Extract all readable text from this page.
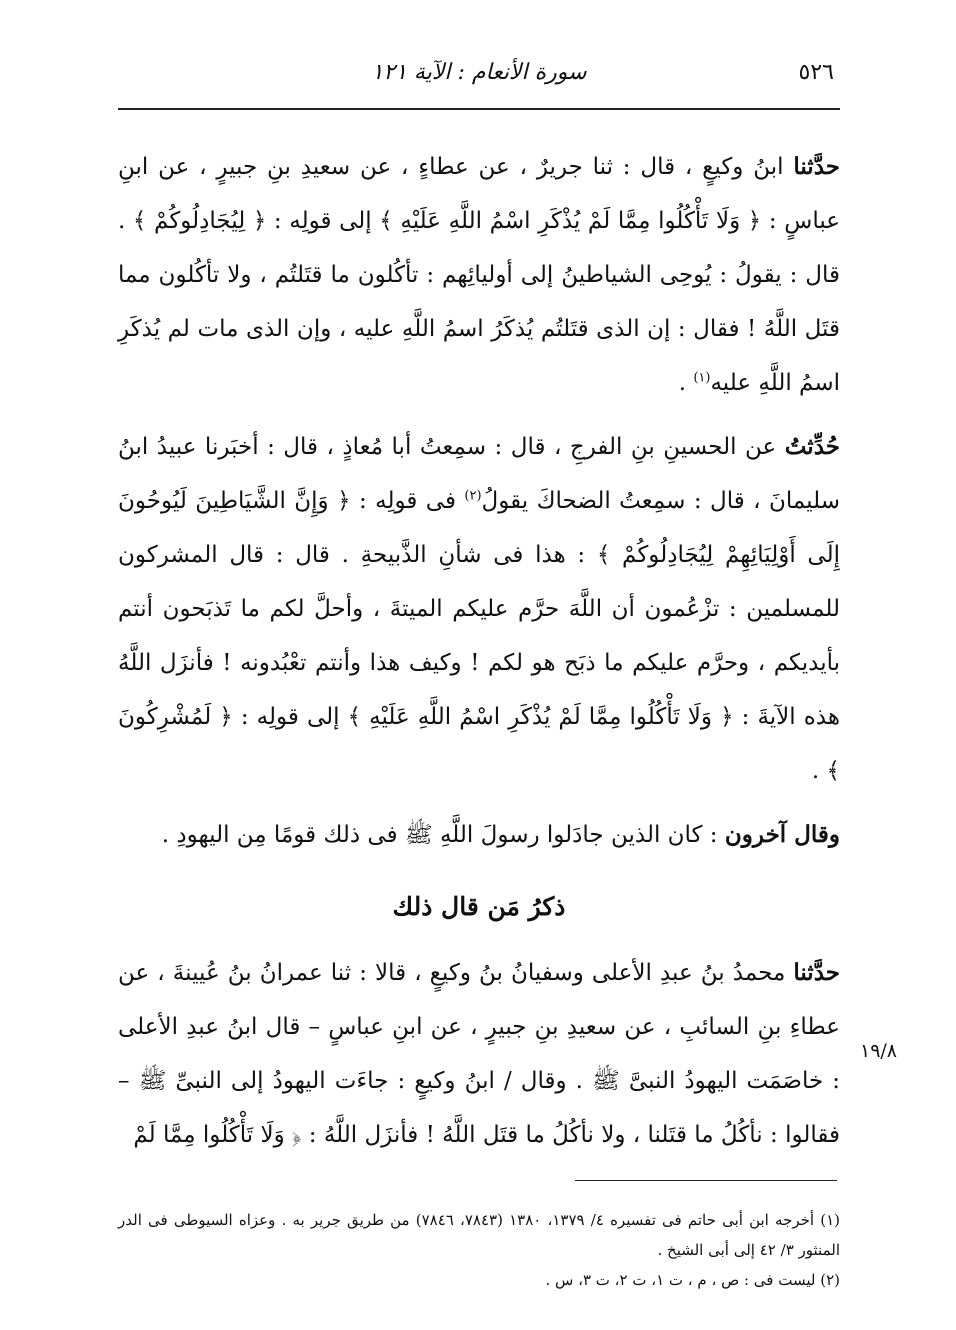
٥٢٦
سورة الأنعام : الآية ١٢١

حدَّثنا ابنُ وكيعٍ ، قال : ثنا جريرٌ ، عن عطاءٍ ، عن سعيدِ بنِ جبيرٍ ، عن ابنِ عباسٍ : ﴿ وَلَا تَأْكُلُوا مِمَّا لَمْ يُذْكَرِ اسْمُ اللَّهِ عَلَيْهِ ﴾ إلى قولِه : ﴿ لِيُجَادِلُوكُمْ ﴾ . قال : يقولُ : يُوحِى الشياطينُ إلى أوليائِهم : تأكُلون ما قتَلتُم ، ولا تأكُلون مما قتَل اللَّهُ ! فقال : إن الذى قتَلتُم يُذكَرُ اسمُ اللَّهِ عليه ، وإن الذى مات لم يُذكَرِ اسمُ اللَّهِ عليه$^{(١)}$ .

حُدِّثتُ عن الحسينِ بنِ الفرجِ ، قال : سمِعتُ أبا مُعاذٍ ، قال : أخبَرنا عبيدُ ابنُ سليمانَ ، قال : سمِعتُ الضحاكَ يقولُ$^{(٢)}$ فى قولِه : ﴿ وَإِنَّ الشَّيَاطِينَ لَيُوحُونَ إِلَى أَوْلِيَائِهِمْ لِيُجَادِلُوكُمْ ﴾ : هذا فى شأنِ الذَّبيحةِ . قال : قال المشركون للمسلمين : تزْعُمون أن اللَّهَ حرَّم عليكم الميتةَ ، وأحلَّ لكم ما تَذبَحون أنتم بأيديكم ، وحرَّم عليكم ما ذبَح هو لكم ! وكيف هذا وأنتم تعْبُدونه ! فأنزَل اللَّهُ هذه الآيةَ : ﴿ وَلَا تَأْكُلُوا مِمَّا لَمْ يُذْكَرِ اسْمُ اللَّهِ عَلَيْهِ ﴾ إلى قولِه : ﴿ لَمُشْرِكُونَ ﴾ .

وقال آخرون : كان الذين جادَلوا رسولَ اللَّهِ ﷺ فى ذلك قومًا مِن اليهودِ .

ذكرُ مَن قال ذلك

حدَّثنا محمدُ بنُ عبدِ الأعلى وسفيانُ بنُ وكيعٍ ، قالا : ثنا عمرانُ بنُ عُيينةَ ، عن عطاءِ بنِ السائبِ ، عن سعيدِ بنِ جبيرٍ ، عن ابنِ عباسٍ – قال ابنُ عبدِ الأعلى : خاصَمَت اليهودُ النبىَّ ﷺ . وقال / ابنُ وكيعٍ : جاءَت اليهودُ إلى النبىِّ ﷺ – فقالوا : نأكُلُ ما قتَلنا ، ولا نأكُلُ ما قتَل اللَّهُ ! فأنزَل اللَّهُ : ﴿ وَلَا تَأْكُلُوا مِمَّا لَمْ

١٩/٨

(١) أخرجه ابن أبى حاتم فى تفسيره ٤/ ١٣٧٩، ١٣٨٠ (٧٨٤٣، ٧٨٤٦) من طريق جرير به . وعزاه السيوطى فى الدر المنثور ٣/ ٤٢ إلى أبى الشيخ .

(٢) ليست فى : ص ، م ، ت ١، ت ٢، ت ٣، س .
